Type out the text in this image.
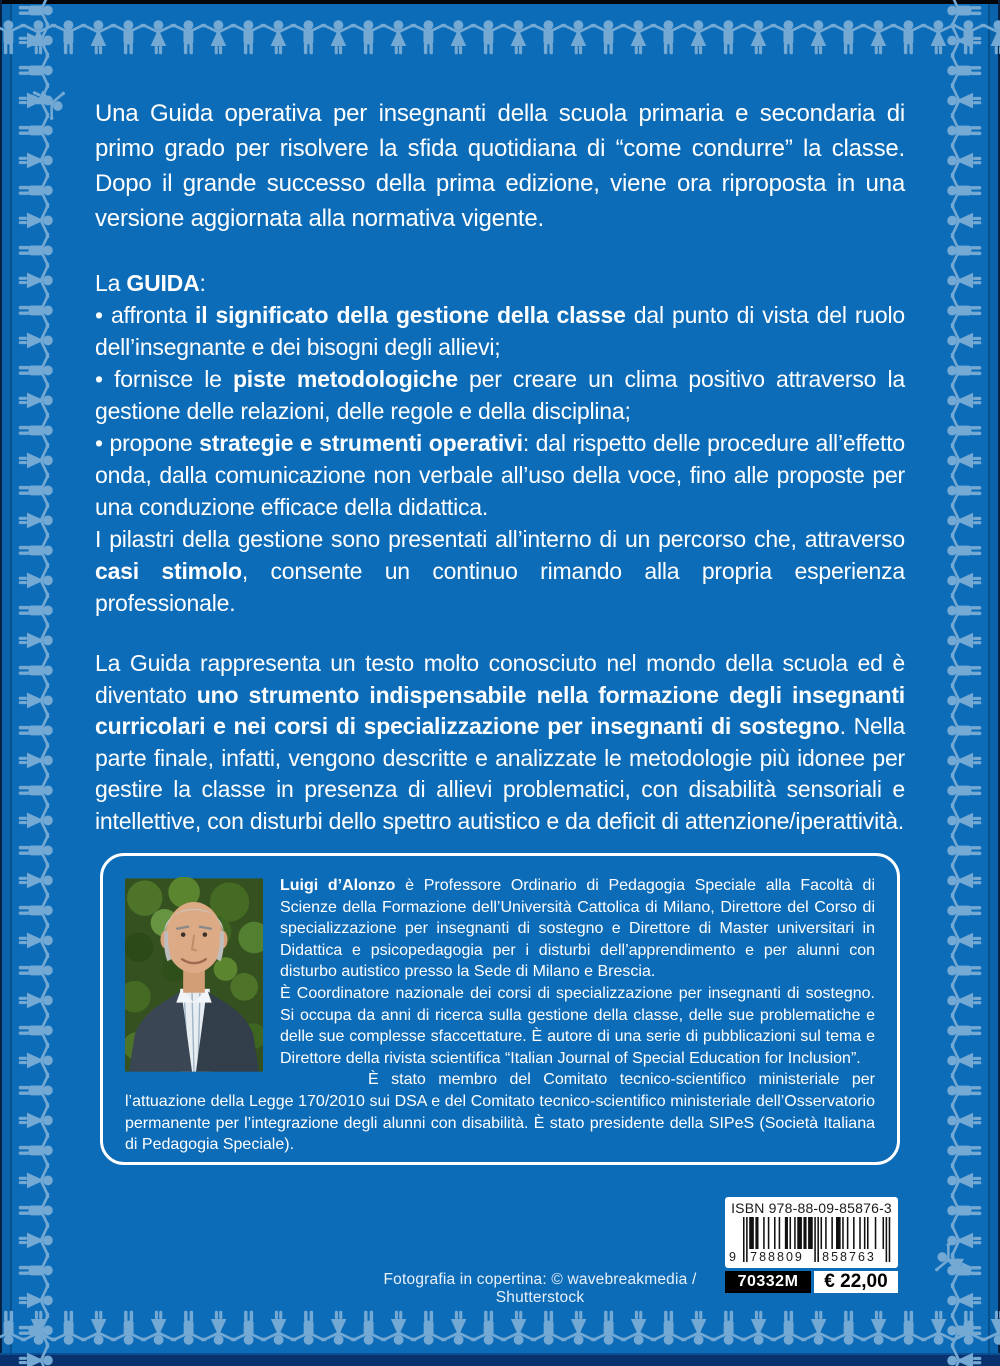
Una Guida operativa per insegnanti della scuola primaria e secondaria di primo grado per risolvere la sfida quotidiana di “come condurre” la classe. Dopo il grande successo della prima edizione, viene ora riproposta in una versione aggiornata alla normativa vigente.

La GUIDA:

• affronta il significato della gestione della classe dal punto di vista del ruolo dell’insegnante e dei bisogni degli allievi;

• fornisce le piste metodologiche per creare un clima positivo attraverso la gestione delle relazioni, delle regole e della disciplina;

• propone strategie e strumenti operativi: dal rispetto delle procedure all’effetto onda, dalla comunicazione non verbale all’uso della voce, fino alle proposte per una conduzione efficace della didattica.

I pilastri della gestione sono presentati all’interno di un percorso che, attraverso casi stimolo, consente un continuo rimando alla propria esperienza professionale.

La Guida rappresenta un testo molto conosciuto nel mondo della scuola ed è diventato uno strumento indispensabile nella formazione degli insegnanti curricolari e nei corsi di specializzazione per insegnanti di sostegno. Nella parte finale, infatti, vengono descritte e analizzate le metodologie più idonee per gestire la classe in presenza di allievi problematici, con disabilità sensoriali e intellettive, con disturbi dello spettro autistico e da deficit di attenzione/iperattività.

Luigi d’Alonzo è Professore Ordinario di Pedagogia Speciale alla Facoltà di Scienze della Formazione dell’Università Cattolica di Milano, Direttore del Corso di specializzazione per insegnanti di sostegno e Direttore di Master universitari in Didattica e psicopedagogia per i disturbi dell’apprendimento e per alunni con disturbo autistico presso la Sede di Milano e Brescia.

È Coordinatore nazionale dei corsi di specializzazione per insegnanti di sostegno. Si occupa da anni di ricerca sulla gestione della classe, delle sue problematiche e delle sue complesse sfaccettature. È autore di una serie di pubblicazioni sul tema e Direttore della rivista scientifica “Italian Journal of Special Education for Inclusion”.

È stato membro del Comitato tecnico-scientifico ministeriale per l’attuazione della Legge 170/2010 sui DSA e del Comitato tecnico-scientifico ministeriale dell’Osservatorio permanente per l’integrazione degli alunni con disabilità. È stato presidente della SIPeS (Società Italiana di Pedagogia Speciale).

ISBN 978-88-09-85876-3
9 788809 858763
70332M	€ 22,00
Fotografia in copertina: © wavebreakmedia / Shutterstock
